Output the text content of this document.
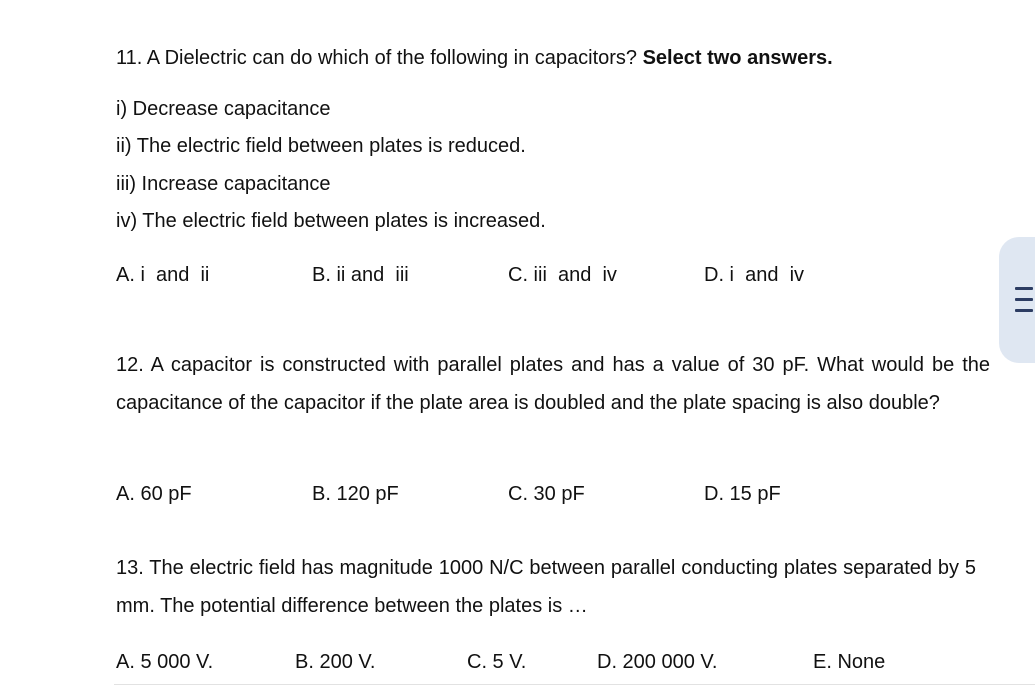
11. A Dielectric can do which of the following in capacitors? Select two answers.
i) Decrease capacitance
ii) The electric field between plates is reduced.
iii) Increase capacitance
iv) The electric field between plates is increased.
A. i  and  ii	B. ii and  iii	C. iii  and  iv	D. i  and  iv
12. A capacitor is constructed with parallel plates and has a value of 30 pF. What would be the capacitance of the capacitor if the plate area is doubled and the plate spacing is also double?
A. 60 pF	B. 120 pF	C. 30 pF	D. 15 pF
13. The electric field has magnitude 1000 N/C between parallel conducting plates separated by 5 mm. The potential difference between the plates is …
A. 5 000 V.	B. 200 V.	C. 5 V.	D. 200 000 V.	E. None
